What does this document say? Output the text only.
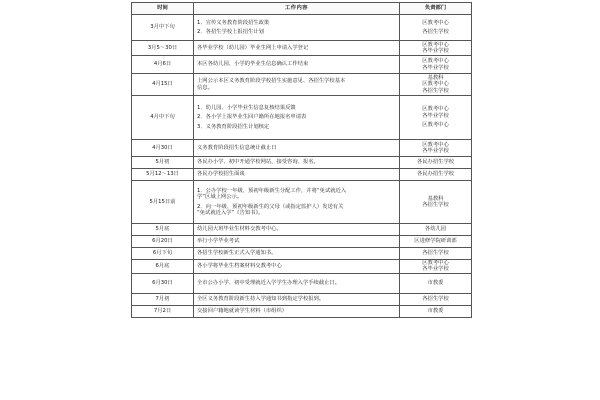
时间	工作内容	负责部门
3月中下旬	1．宣传义务教育阶段招生政策
2．各招生学校上报招生计划	区教考中心
各招生学校

3月5～30日	各毕业学校（幼儿园）毕业生网上申请入学登记	区教考中心
各毕业学校

4月6日	本区各幼儿园、小学的毕业生信息确认工作结束	区教考中心
各毕业学校

4月15日	上网公示本区义务教育阶段学校招生实施意见、各招生学校基本
信息。	基教科
区教考中心
各招生学校

4月中下旬	1．幼儿园、小学毕业生信息复核结果反馈
2．各小学上报毕业生回户籍所在地报名申请表
3．义务教育阶段招生计划核定	区教考中心
各毕业学校
区教考中心

4月30日	义务教育阶段招生信息统计截止日	区教考中心
各毕业学校

5月初	各民办小学、初中开通学校网站，接受咨询、报名。	各民办招生学校

5月12～13日	各民办学校招生面谈	各民办招生学校

5月15日前	1．公办学校一年级、预初年级新生分配工作，并将“免试就近入
学”区域上网公示。
2．向一年级、预初年级新生的父母（或指定监护人）发送有关
“免试就近入学”《告知书》。	基教科
各招生学校

5月底	幼儿园大班毕业生材料交教考中心。	各幼儿园

6月20日	举行小学毕业考试	区进修学院研训部

6月下旬	各招生学校新生正式入学通知书。	各招生学校

6月底	各小学将毕业生档案材料交教考中心	区教考中心
各毕业学校

6月30日	全市公办小学、初中受理就近入学学生办理入学手续截止日。	市教委

7月初	全区义务教育阶段新生持入学通知书到指定学校报到。	各招生学校

7月2日	交接回户籍地就读学生材料（市组织）	市教委
